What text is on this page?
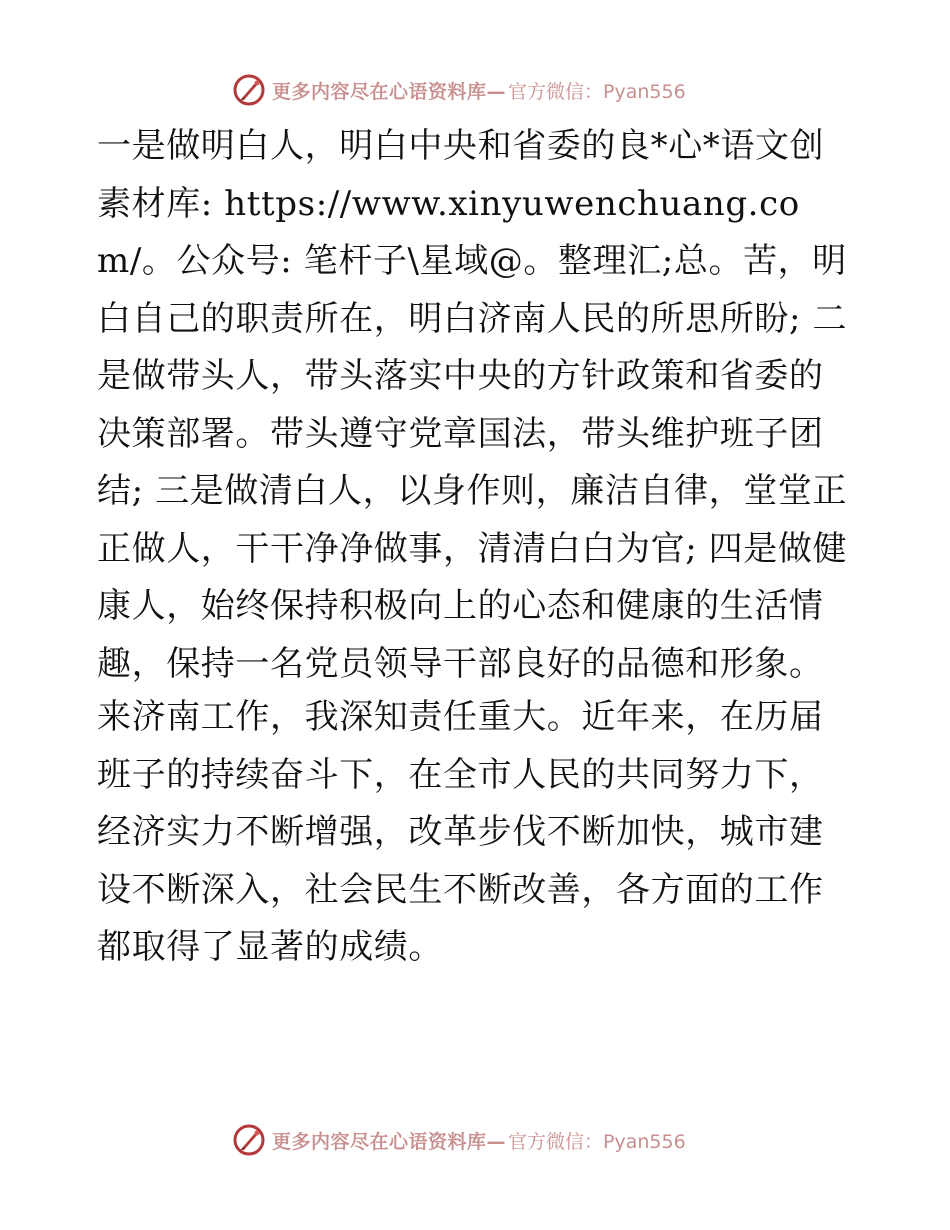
更多内容尽在心语资料库— 官方微信：Pyan556

一是做明白人，明白中央和省委的良*心*语文创素材库: https://www.xinyuwenchuang.com/。公众号: 笔杆子\星域@。整理汇;总。苦，明白自己的职责所在，明白济南人民的所思所盼; 二是做带头人，带头落实中央的方针政策和省委的决策部署。带头遵守党章国法，带头维护班子团结; 三是做清白人，以身作则，廉洁自律，堂堂正正做人，干干净净做事，清清白白为官; 四是做健康人，始终保持积极向上的心态和健康的生活情趣，保持一名党员领导干部良好的品德和形象。

来济南工作，我深知责任重大。近年来，在历届班子的持续奋斗下，在全市人民的共同努力下，经济实力不断增强，改革步伐不断加快，城市建设不断深入，社会民生不断改善，各方面的工作都取得了显著的成绩。

更多内容尽在心语资料库— 官方微信：Pyan556
